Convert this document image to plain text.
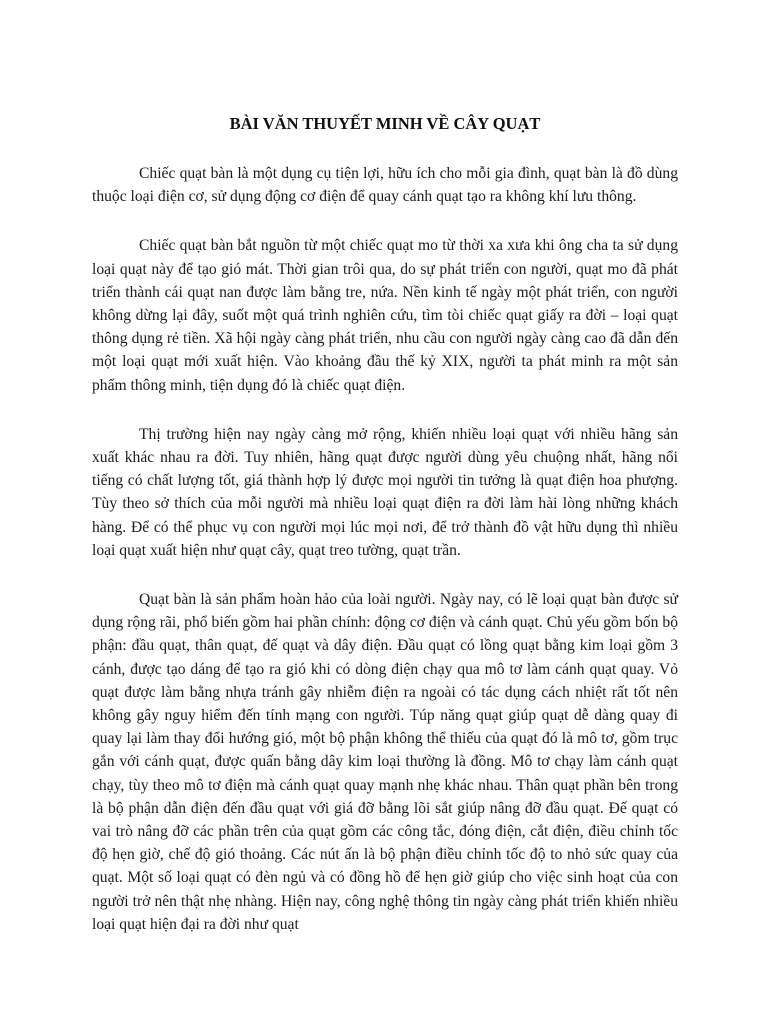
BÀI VĂN THUYẾT MINH VỀ CÂY QUẠT

Chiếc quạt bàn là một dụng cụ tiện lợi, hữu ích cho mỗi gia đình, quạt bàn là đồ dùng thuộc loại điện cơ, sử dụng động cơ điện để quay cánh quạt tạo ra không khí lưu thông.

Chiếc quạt bàn bắt nguồn từ một chiếc quạt mo từ thời xa xưa khi ông cha ta sử dụng loại quạt này để tạo gió mát. Thời gian trôi qua, do sự phát triển con người, quạt mo đã phát triển thành cái quạt nan được làm bằng tre, nứa. Nền kinh tế ngày một phát triển, con người không dừng lại đây, suốt một quá trình nghiên cứu, tìm tòi chiếc quạt giấy ra đời – loại quạt thông dụng rẻ tiền. Xã hội ngày càng phát triển, nhu cầu con người ngày càng cao đã dẫn đến một loại quạt mới xuất hiện. Vào khoảng đầu thế kỷ XIX, người ta phát minh ra một sản phẩm thông minh, tiện dụng đó là chiếc quạt điện.

Thị trường hiện nay ngày càng mở rộng, khiến nhiều loại quạt với nhiều hãng sản xuất khác nhau ra đời. Tuy nhiên, hãng quạt được người dùng yêu chuộng nhất, hãng nổi tiếng có chất lượng tốt, giá thành hợp lý được mọi người tin tưởng là quạt điện hoa phượng. Tùy theo sở thích của mỗi người mà nhiều loại quạt điện ra đời làm hài lòng những khách hàng. Để có thể phục vụ con người mọi lúc mọi nơi, để trở thành đồ vật hữu dụng thì nhiều loại quạt xuất hiện như quạt cây, quạt treo tường, quạt trần.

Quạt bàn là sản phẩm hoàn hảo của loài người. Ngày nay, có lẽ loại quạt bàn được sử dụng rộng rãi, phổ biến gồm hai phần chính: động cơ điện và cánh quạt. Chủ yếu gồm bốn bộ phận: đầu quạt, thân quạt, đế quạt và dây điện. Đầu quạt có lồng quạt bằng kim loại gồm 3 cánh, được tạo dáng để tạo ra gió khi có dòng điện chạy qua mô tơ làm cánh quạt quay. Vỏ quạt được làm bằng nhựa tránh gây nhiễm điện ra ngoài có tác dụng cách nhiệt rất tốt nên không gây nguy hiểm đến tính mạng con người. Túp năng quạt giúp quạt dễ dàng quay đi quay lại làm thay đổi hướng gió, một bộ phận không thể thiếu của quạt đó là mô tơ, gồm trục gắn với cánh quạt, được quấn bằng dây kim loại thường là đồng. Mô tơ chạy làm cánh quạt chạy, tùy theo mô tơ điện mà cánh quạt quay mạnh nhẹ khác nhau. Thân quạt phần bên trong là bộ phận dẫn điện đến đầu quạt với giá đỡ bằng lõi sắt giúp nâng đỡ đầu quạt. Đế quạt có vai trò nâng đỡ các phần trên của quạt gồm các công tắc, đóng điện, cắt điện, điều chỉnh tốc độ hẹn giờ, chế độ gió thoảng. Các nút ấn là bộ phận điều chỉnh tốc độ to nhỏ sức quay của quạt. Một số loại quạt có đèn ngủ và có đồng hồ để hẹn giờ giúp cho việc sinh hoạt của con người trở nên thật nhẹ nhàng. Hiện nay, công nghệ thông tin ngày càng phát triển khiến nhiều loại quạt hiện đại ra đời như quạt
